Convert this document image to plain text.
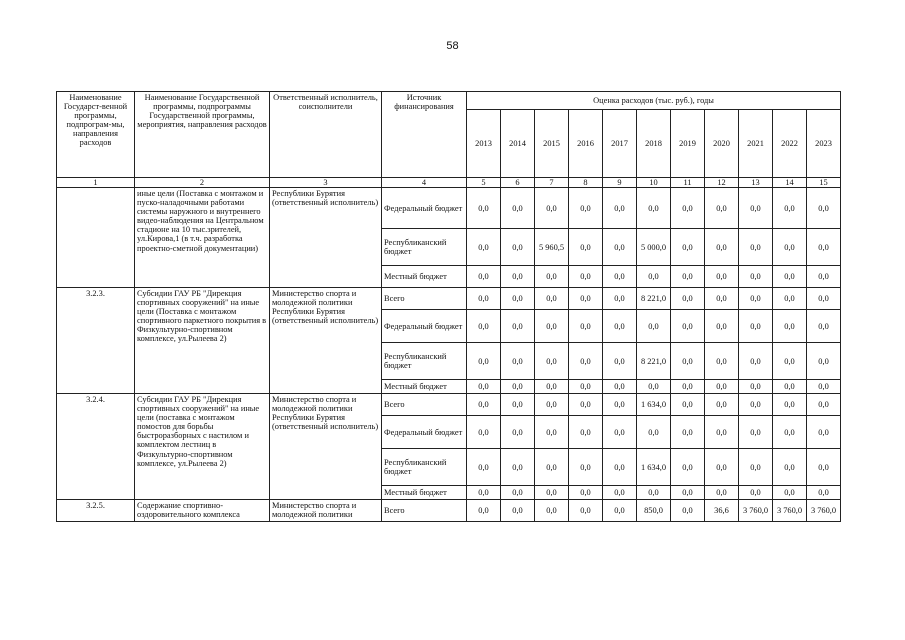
58
Наименование Государст-венной программы, подпрограм-мы, направления расходов	Наименование Государственной программы, подпрограммы Государственной программы, мероприятия, направления расходов	Ответственный исполнитель, соисполнители	Источник финансирования	Оценка расходов (тыс. руб.), годы										
				2013	2014	2015	2016	2017	2018	2019	2020	2021	2022	2023
1	2	3	4	5	6	7	8	9	10	11	12	13	14	15
	иные цели (Поставка с монтажом и пуско-наладочными работами системы наружного и внутреннего видео-наблюдения на Центральном стадионе на 10 тыс.зрителей, ул.Кирова,1 (в т.ч. разработка проектно-сметной документации)	Республики Бурятия (ответственный исполнитель)	Федеральный бюджет	0,0	0,0	0,0	0,0	0,0	0,0	0,0	0,0	0,0	0,0	0,0
			Республиканский бюджет	0,0	0,0	5 960,5	0,0	0,0	5 000,0	0,0	0,0	0,0	0,0	0,0
			Местный бюджет	0,0	0,0	0,0	0,0	0,0	0,0	0,0	0,0	0,0	0,0	0,0
3.2.3.	Субсидии ГАУ РБ "Дирекция спортивных сооружений" на иные цели (Поставка с монтажом спортивного паркетного покрытия в Физкультурно-спортивном комплексе, ул.Рылеева 2)	Министерство спорта и молодежной политики Республики Бурятия (ответственный исполнитель)	Всего	0,0	0,0	0,0	0,0	0,0	8 221,0	0,0	0,0	0,0	0,0	0,0
			Федеральный бюджет	0,0	0,0	0,0	0,0	0,0	0,0	0,0	0,0	0,0	0,0	0,0
			Республиканский бюджет	0,0	0,0	0,0	0,0	0,0	8 221,0	0,0	0,0	0,0	0,0	0,0
			Местный бюджет	0,0	0,0	0,0	0,0	0,0	0,0	0,0	0,0	0,0	0,0	0,0
3.2.4.	Субсидии ГАУ РБ "Дирекция спортивных сооружений" на иные цели (поставка с монтажом помостов для борьбы быстроразборных с настилом и комплектом лестниц в Физкультурно-спортивном комплексе, ул.Рылеева 2)	Министерство спорта и молодежной политики Республики Бурятия (ответственный исполнитель)	Всего	0,0	0,0	0,0	0,0	0,0	1 634,0	0,0	0,0	0,0	0,0	0,0
			Федеральный бюджет	0,0	0,0	0,0	0,0	0,0	0,0	0,0	0,0	0,0	0,0	0,0
			Республиканский бюджет	0,0	0,0	0,0	0,0	0,0	1 634,0	0,0	0,0	0,0	0,0	0,0
			Местный бюджет	0,0	0,0	0,0	0,0	0,0	0,0	0,0	0,0	0,0	0,0	0,0
3.2.5.	Содержание спортивно-оздоровительного комплекса	Министерство спорта и молодежной политики	Всего	0,0	0,0	0,0	0,0	0,0	850,0	0,0	36,6	3 760,0	3 760,0	3 760,0
